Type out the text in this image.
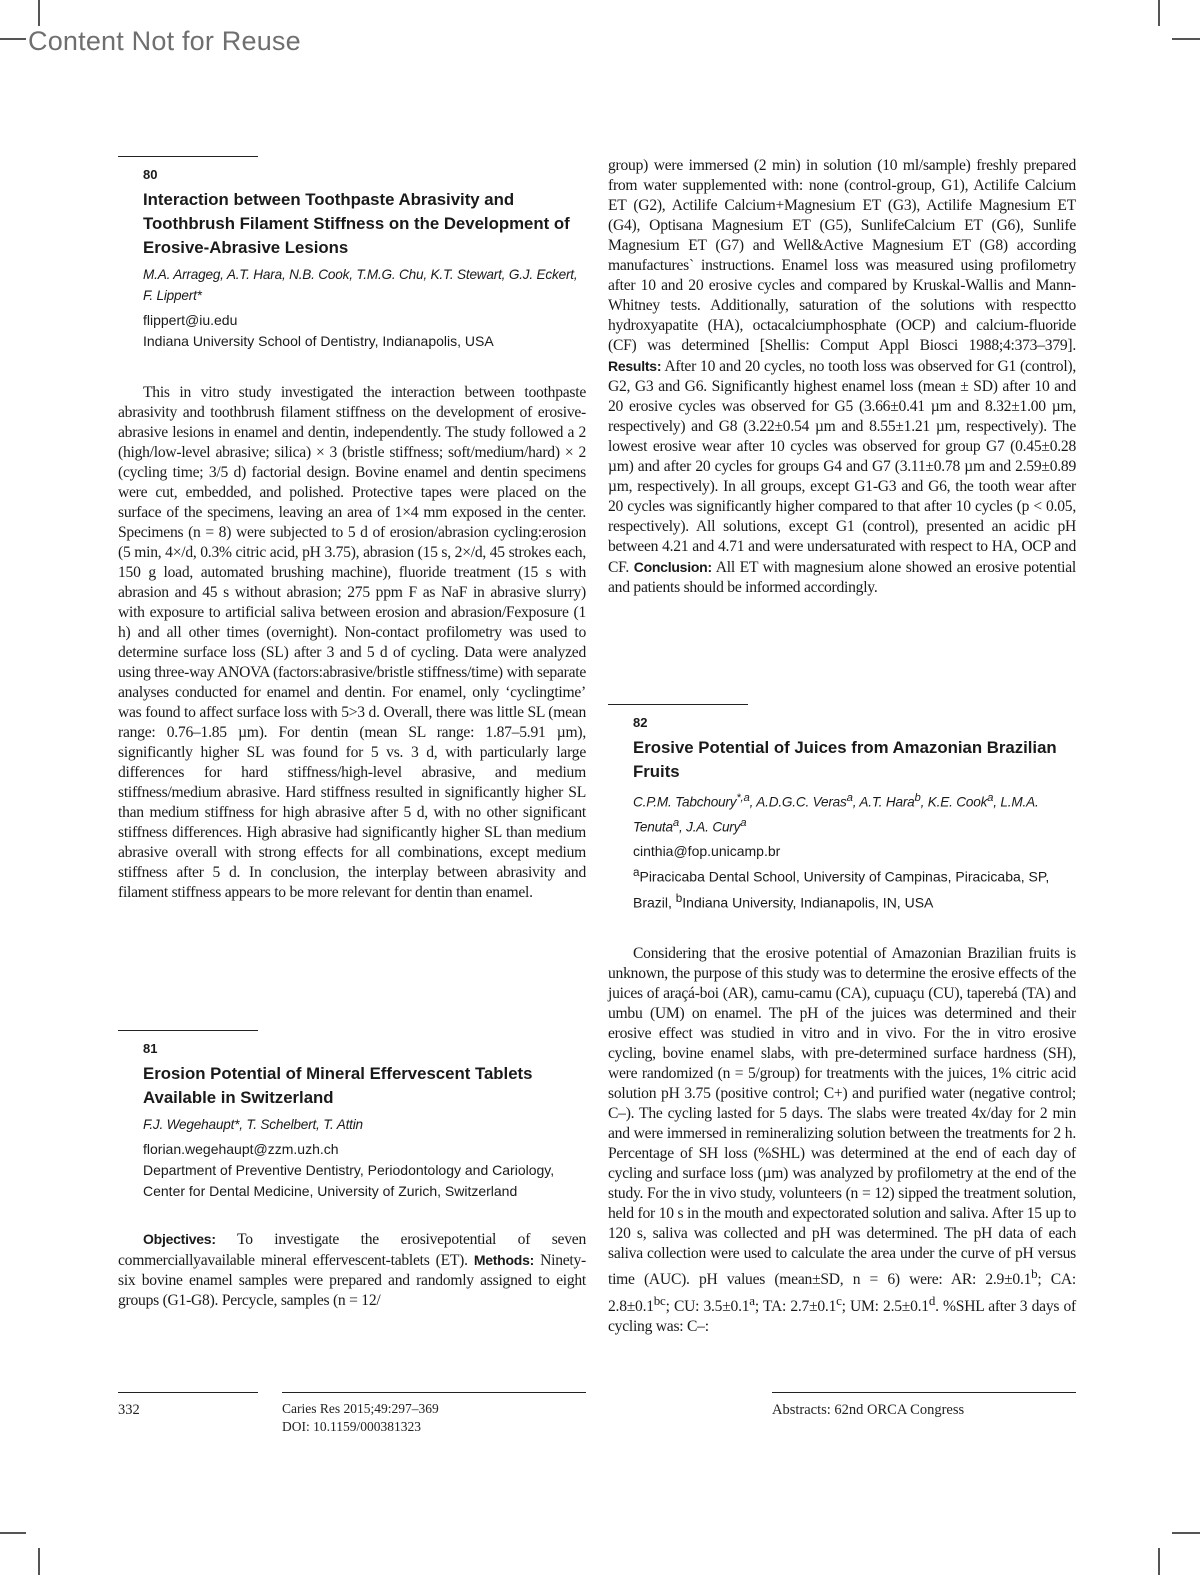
Content Not for Reuse
80
Interaction between Toothpaste Abrasivity and Toothbrush Filament Stiffness on the Development of Erosive-Abrasive Lesions
M.A. Arrageg, A.T. Hara, N.B. Cook, T.M.G. Chu, K.T. Stewart, G.J. Eckert, F. Lippert*
flippert@iu.edu
Indiana University School of Dentistry, Indianapolis, USA
This in vitro study investigated the interaction between toothpaste abrasivity and toothbrush filament stiffness on the development of erosive-abrasive lesions in enamel and dentin, independently. The study followed a 2 (high/low-level abrasive; silica) × 3 (bristle stiffness; soft/medium/hard) × 2 (cycling time; 3/5 d) factorial design. Bovine enamel and dentin specimens were cut, embedded, and polished. Protective tapes were placed on the surface of the specimens, leaving an area of 1×4 mm exposed in the center. Specimens (n = 8) were subjected to 5 d of erosion/abrasion cycling:erosion (5 min, 4×/d, 0.3% citric acid, pH 3.75), abrasion (15 s, 2×/d, 45 strokes each, 150 g load, automated brushing machine), fluoride treatment (15 s with abrasion and 45 s without abrasion; 275 ppm F as NaF in abrasive slurry) with exposure to artificial saliva between erosion and abrasion/Fexposure (1 h) and all other times (overnight). Non-contact profilometry was used to determine surface loss (SL) after 3 and 5 d of cycling. Data were analyzed using three-way ANOVA (factors:abrasive/bristle stiffness/time) with separate analyses conducted for enamel and dentin. For enamel, only ‘cyclingtime’ was found to affect surface loss with 5>3 d. Overall, there was little SL (mean range: 0.76–1.85 µm). For dentin (mean SL range: 1.87–5.91 µm), significantly higher SL was found for 5 vs. 3 d, with particularly large differences for hard stiffness/high-level abrasive, and medium stiffness/medium abrasive. Hard stiffness resulted in significantly higher SL than medium stiffness for high abrasive after 5 d, with no other significant stiffness differences. High abrasive had significantly higher SL than medium abrasive overall with strong effects for all combinations, except medium stiffness after 5 d. In conclusion, the interplay between abrasivity and filament stiffness appears to be more relevant for dentin than enamel.
81
Erosion Potential of Mineral Effervescent Tablets Available in Switzerland
F.J. Wegehaupt*, T. Schelbert, T. Attin
florian.wegehaupt@zzm.uzh.ch
Department of Preventive Dentistry, Periodontology and Cariology, Center for Dental Medicine, University of Zurich, Switzerland
Objectives: To investigate the erosivepotential of seven commerciallyavailable mineral effervescent-tablets (ET). Methods: Ninety-six bovine enamel samples were prepared and randomly assigned to eight groups (G1-G8). Percycle, samples (n = 12/
group) were immersed (2 min) in solution (10 ml/sample) freshly prepared from water supplemented with: none (control-group, G1), Actilife Calcium ET (G2), Actilife Calcium+Magnesium ET (G3), Actilife Magnesium ET (G4), Optisana Magnesium ET (G5), SunlifeCalcium ET (G6), Sunlife Magnesium ET (G7) and Well&Active Magnesium ET (G8) according manufactures` instructions. Enamel loss was measured using profilometry after 10 and 20 erosive cycles and compared by Kruskal-Wallis and Mann-Whitney tests. Additionally, saturation of the solutions with respectto hydroxyapatite (HA), octacalciumphosphate (OCP) and calcium-fluoride (CF) was determined [Shellis: Comput Appl Biosci 1988;4:373–379]. Results: After 10 and 20 cycles, no tooth loss was observed for G1 (control), G2, G3 and G6. Significantly highest enamel loss (mean ± SD) after 10 and 20 erosive cycles was observed for G5 (3.66±0.41 µm and 8.32±1.00 µm, respectively) and G8 (3.22±0.54 µm and 8.55±1.21 µm, respectively). The lowest erosive wear after 10 cycles was observed for group G7 (0.45±0.28 µm) and after 20 cycles for groups G4 and G7 (3.11±0.78 µm and 2.59±0.89 µm, respectively). In all groups, except G1-G3 and G6, the tooth wear after 20 cycles was significantly higher compared to that after 10 cycles (p < 0.05, respectively). All solutions, except G1 (control), presented an acidic pH between 4.21 and 4.71 and were undersaturated with respect to HA, OCP and CF. Conclusion: All ET with magnesium alone showed an erosive potential and patients should be informed accordingly.
82
Erosive Potential of Juices from Amazonian Brazilian Fruits
C.P.M. Tabchoury$^{*,a}$, A.D.G.C. Veras$^a$, A.T. Hara$^b$, K.E. Cook$^a$, L.M.A. Tenuta$^a$, J.A. Cury$^a$
cinthia@fop.unicamp.br
$^a$Piracicaba Dental School, University of Campinas, Piracicaba, SP, Brazil, $^b$Indiana University, Indianapolis, IN, USA
Considering that the erosive potential of Amazonian Brazilian fruits is unknown, the purpose of this study was to determine the erosive effects of the juices of araçá-boi (AR), camu-camu (CA), cupuaçu (CU), taperebá (TA) and umbu (UM) on enamel. The pH of the juices was determined and their erosive effect was studied in vitro and in vivo. For the in vitro erosive cycling, bovine enamel slabs, with pre-determined surface hardness (SH), were randomized (n = 5/group) for treatments with the juices, 1% citric acid solution pH 3.75 (positive control; C+) and purified water (negative control; C–). The cycling lasted for 5 days. The slabs were treated 4x/day for 2 min and were immersed in remineralizing solution between the treatments for 2 h. Percentage of SH loss (%SHL) was determined at the end of each day of cycling and surface loss (µm) was analyzed by profilometry at the end of the study. For the in vivo study, volunteers (n = 12) sipped the treatment solution, held for 10 s in the mouth and expectorated solution and saliva. After 15 up to 120 s, saliva was collected and pH was determined. The pH data of each saliva collection were used to calculate the area under the curve of pH versus time (AUC). pH values (mean±SD, n = 6) were: AR: 2.9±0.1$^b$; CA: 2.8±0.1$^{bc}$; CU: 3.5±0.1$^a$; TA: 2.7±0.1$^c$; UM: 2.5±0.1$^d$. %SHL after 3 days of cycling was: C–:
332	Caries Res 2015;49:297–369
DOI: 10.1159/000381323
Abstracts: 62nd ORCA Congress
